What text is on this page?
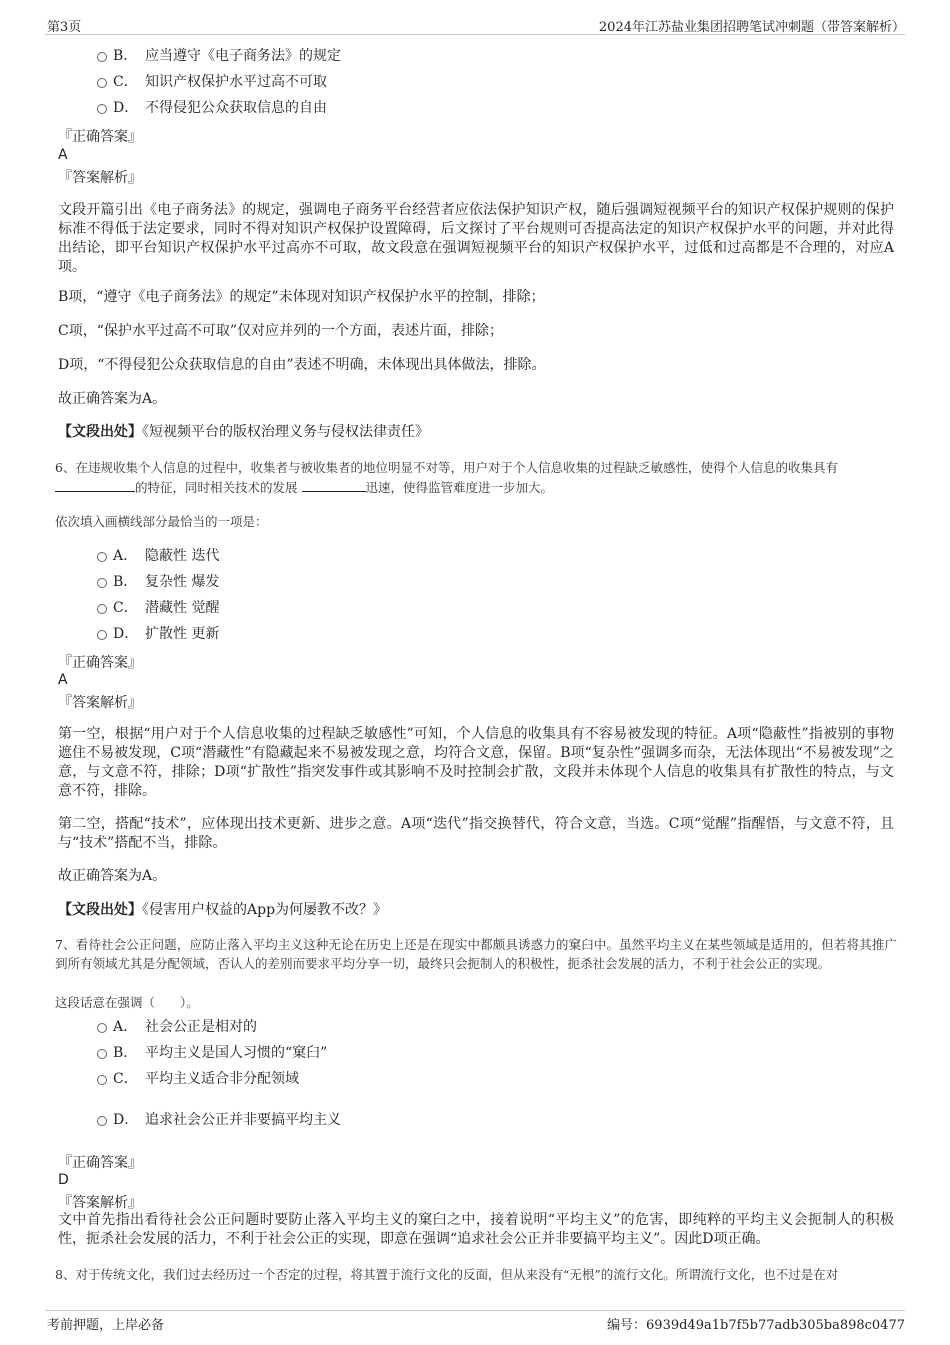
第3页	2024年江苏盐业集团招聘笔试冲刺题（带答案解析）
B． 应当遵守《电子商务法》的规定
C． 知识产权保护水平过高不可取
D． 不得侵犯公众获取信息的自由
『正确答案』
A
『答案解析』
文段开篇引出《电子商务法》的规定，强调电子商务平台经营者应依法保护知识产权，随后强调短视频平台的知识产权保护规则的保护标准不得低于法定要求，同时不得对知识产权保护设置障碍，后文探讨了平台规则可否提高法定的知识产权保护水平的问题，并对此得出结论，即平台知识产权保护水平过高亦不可取，故文段意在强调短视频平台的知识产权保护水平，过低和过高都是不合理的，对应A项。
B项，“遵守《电子商务法》的规定”未体现对知识产权保护水平的控制，排除；
C项，“保护水平过高不可取”仅对应并列的一个方面，表述片面，排除；
D项，“不得侵犯公众获取信息的自由”表述不明确，未体现出具体做法，排除。
故正确答案为A。
【文段出处】《短视频平台的版权治理义务与侵权法律责任》
6、在违规收集个人信息的过程中，收集者与被收集者的地位明显不对等，用户对于个人信息收集的过程缺乏敏感性，使得个人信息的收集具有
的特征，同时相关技术的发展	迅速，使得监管难度进一步加大。
依次填入画横线部分最恰当的一项是：
A． 隐蔽性 迭代
B． 复杂性 爆发
C． 潜藏性 觉醒
D． 扩散性 更新
『正确答案』
A
『答案解析』
第一空，根据“用户对于个人信息收集的过程缺乏敏感性”可知，个人信息的收集具有不容易被发现的特征。A项“隐蔽性”指被别的事物遮住不易被发现，C项“潜藏性”有隐藏起来不易被发现之意，均符合文意，保留。B项“复杂性”强调多而杂，无法体现出“不易被发现”之意，与文意不符，排除；D项“扩散性”指突发事件或其影响不及时控制会扩散，文段并未体现个人信息的收集具有扩散性的特点，与文意不符，排除。
第二空，搭配“技术”，应体现出技术更新、进步之意。A项“迭代”指交换替代，符合文意，当选。C项“觉醒”指醒悟，与文意不符，且与“技术”搭配不当，排除。
故正确答案为A。
【文段出处】《侵害用户权益的App为何屡教不改？》
7、看待社会公正问题，应防止落入平均主义这种无论在历史上还是在现实中都颇具诱惑力的窠臼中。虽然平均主义在某些领域是适用的，但若将其推广到所有领域尤其是分配领域，否认人的差别而要求平均分享一切，最终只会扼制人的积极性，扼杀社会发展的活力，不利于社会公正的实现。
这段话意在强调（　　）。
A． 社会公正是相对的
B． 平均主义是国人习惯的“窠臼”
C． 平均主义适合非分配领域
D． 追求社会公正并非要搞平均主义
『正确答案』
D
『答案解析』
文中首先指出看待社会公正问题时要防止落入平均主义的窠臼之中，接着说明“平均主义”的危害，即纯粹的平均主义会扼制人的积极性，扼杀社会发展的活力，不利于社会公正的实现，即意在强调“追求社会公正并非要搞平均主义”。因此D项正确。
8、对于传统文化，我们过去经历过一个否定的过程，将其置于流行文化的反面，但从来没有“无根”的流行文化。所谓流行文化，也不过是在对
考前押题，上岸必备	编号：6939d49a1b7f5b77adb305ba898c0477
